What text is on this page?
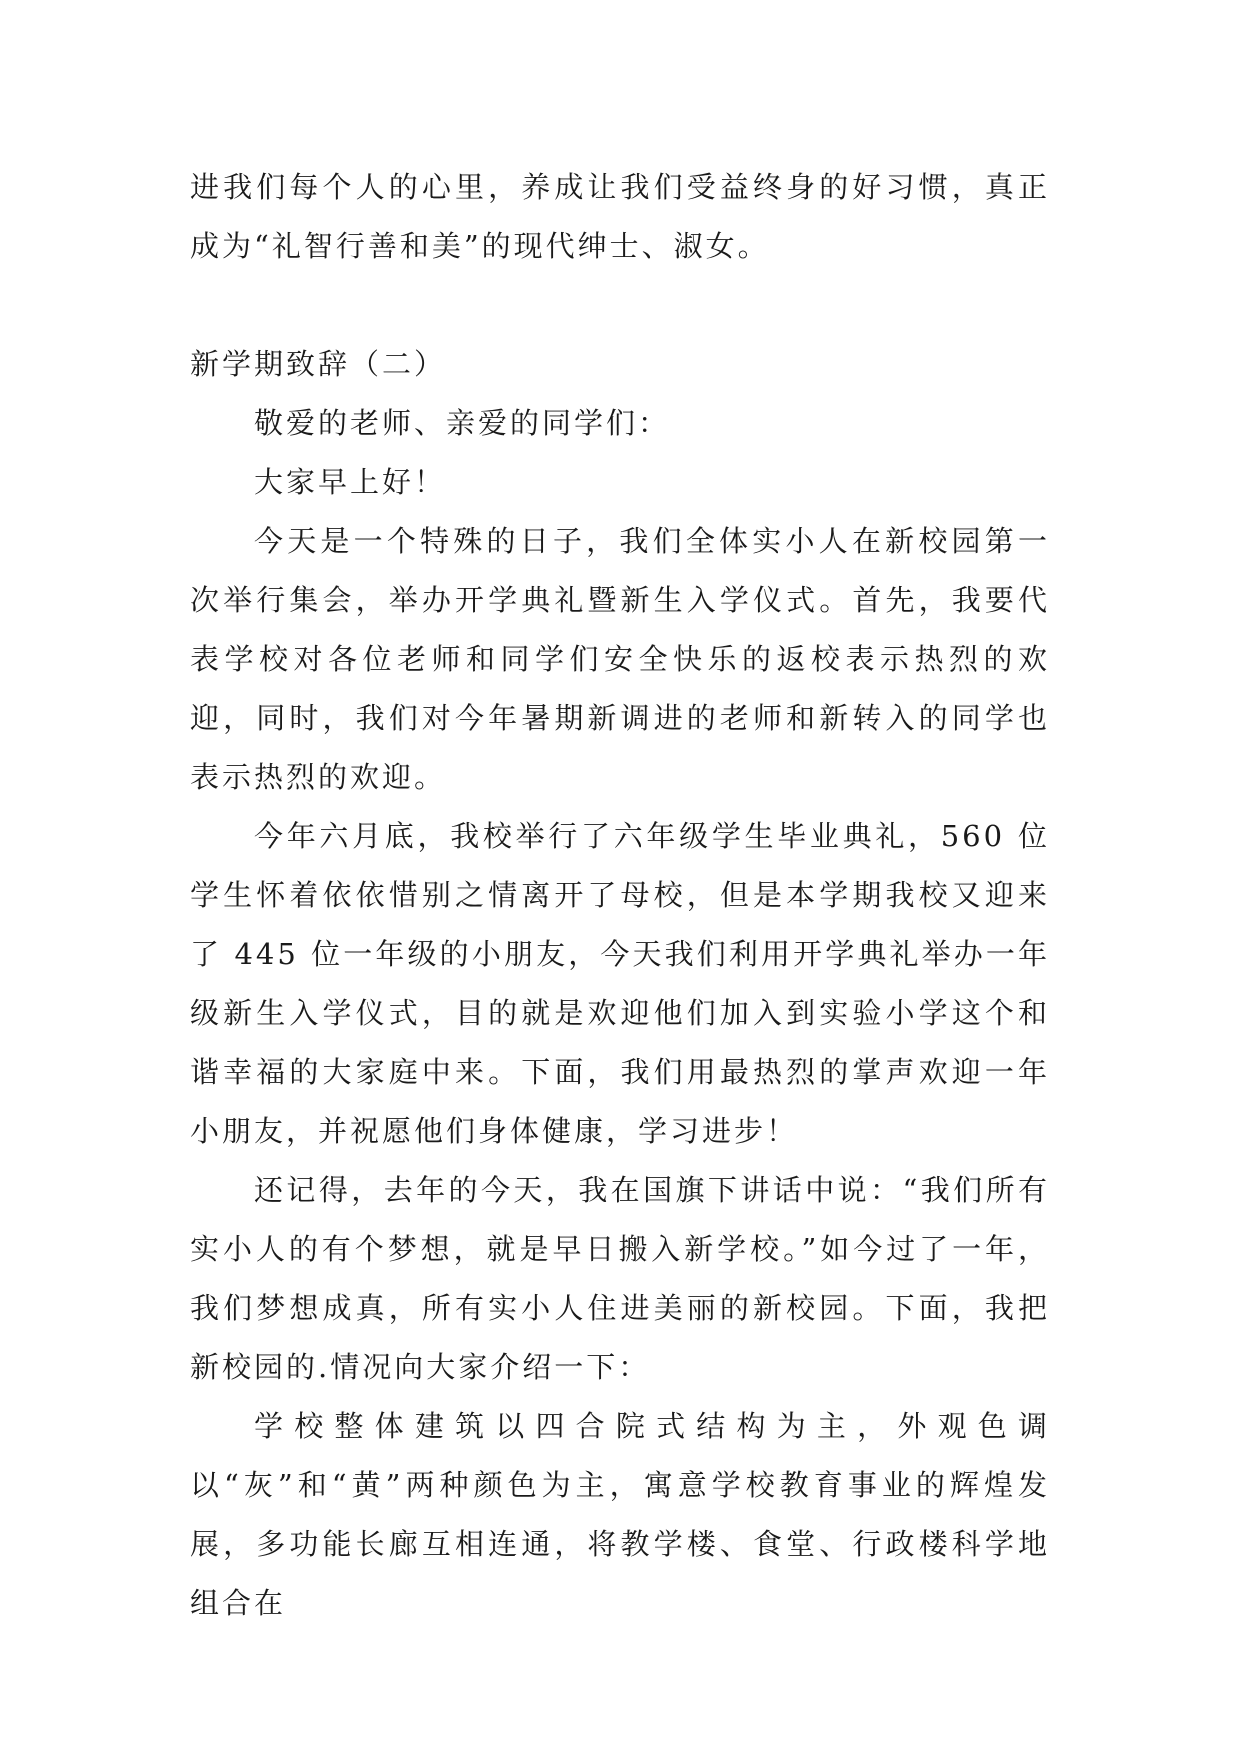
进我们每个人的心里，养成让我们受益终身的好习惯，真正成为“礼智行善和美”的现代绅士、淑女。

新学期致辞（二）

敬爱的老师、亲爱的同学们：

大家早上好！

今天是一个特殊的日子，我们全体实小人在新校园第一次举行集会，举办开学典礼暨新生入学仪式。首先，我要代表学校对各位老师和同学们安全快乐的返校表示热烈的欢迎，同时，我们对今年暑期新调进的老师和新转入的同学也表示热烈的欢迎。

今年六月底，我校举行了六年级学生毕业典礼，560 位学生怀着依依惜别之情离开了母校，但是本学期我校又迎来了 445 位一年级的小朋友，今天我们利用开学典礼举办一年级新生入学仪式，目的就是欢迎他们加入到实验小学这个和谐幸福的大家庭中来。下面，我们用最热烈的掌声欢迎一年小朋友，并祝愿他们身体健康，学习进步！

还记得，去年的今天，我在国旗下讲话中说：“我们所有实小人的有个梦想，就是早日搬入新学校。”如今过了一年，我们梦想成真，所有实小人住进美丽的新校园。下面，我把新校园的.情况向大家介绍一下：

学校整体建筑以四合院式结构为主，外观色调以“灰”和“黄”两种颜色为主，寓意学校教育事业的辉煌发展，多功能长廊互相连通，将教学楼、食堂、行政楼科学地组合在
